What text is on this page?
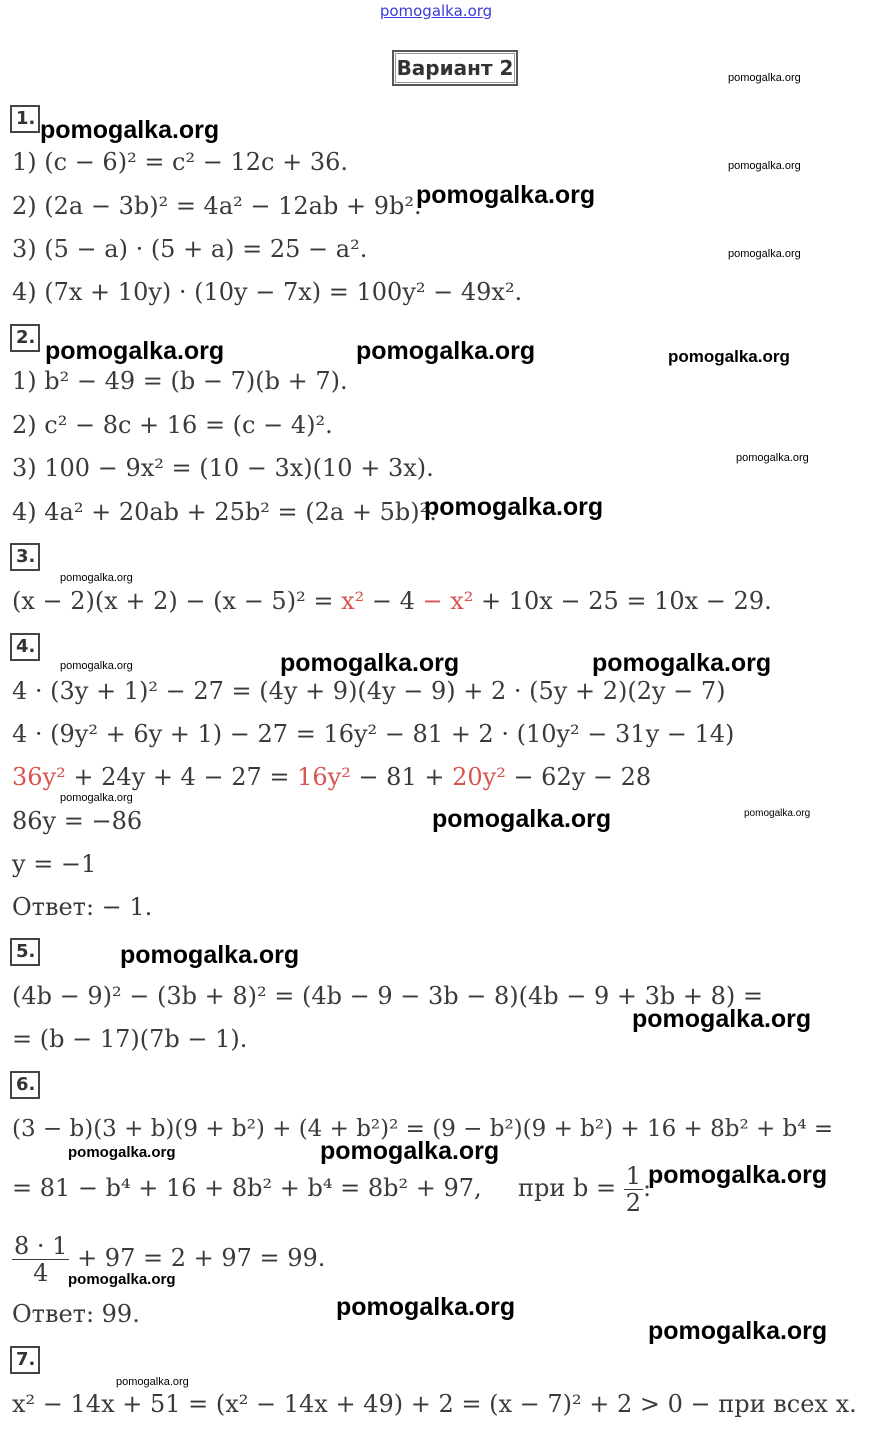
pomogalka.org
Вариант 2
1.
1) (c − 6)² = c² − 12c + 36.
2) (2a − 3b)² = 4a² − 12ab + 9b².
3) (5 − a) · (5 + a) = 25 − a².
4) (7x + 10y) · (10y − 7x) = 100y² − 49x².
2.
1) b² − 49 = (b − 7)(b + 7).
2) c² − 8c + 16 = (c − 4)².
3) 100 − 9x² = (10 − 3x)(10 + 3x).
4) 4a² + 20ab + 25b² = (2a + 5b)².
3.
(x − 2)(x + 2) − (x − 5)² = x² − 4 − x² + 10x − 25 = 10x − 29.
4.
4 · (3y + 1)² − 27 = (4y + 9)(4y − 9) + 2 · (5y + 2)(2y − 7)
4 · (9y² + 6y + 1) − 27 = 16y² − 81 + 2 · (10y² − 31y − 14)
36y² + 24y + 4 − 27 = 16y² − 81 + 20y² − 62y − 28
86y = −86
y = −1
Ответ: − 1.
5.
(4b − 9)² − (3b + 8)² = (4b − 9 − 3b − 8)(4b − 9 + 3b + 8) =
= (b − 17)(7b − 1).
6.
(3 − b)(3 + b)(9 + b²) + (4 + b²)² = (9 − b²)(9 + b²) + 16 + 8b² + b⁴ =
= 81 − b⁴ + 16 + 8b² + b⁴ = 8b² + 97, при $b = \frac{1}{2}$ :
$\frac{8 \cdot 1}{4} + 97 = 2 + 97 = 99$.
Ответ: 99.
7.
x² − 14x + 51 = (x² − 14x + 49) + 2 = (x − 7)² + 2 > 0 − при всех x.
pomogalka.org
pomogalka.org
pomogalka.org
pomogalka.org
pomogalka.org
pomogalka.org	pomogalka.org	pomogalka.org
pomogalka.org
pomogalka.org
pomogalka.org
pomogalka.org	pomogalka.org	pomogalka.org
pomogalka.org
pomogalka.org	pomogalka.org
pomogalka.org
pomogalka.org
pomogalka.org	pomogalka.org
pomogalka.org
pomogalka.org
pomogalka.org
pomogalka.org
pomogalka.org
